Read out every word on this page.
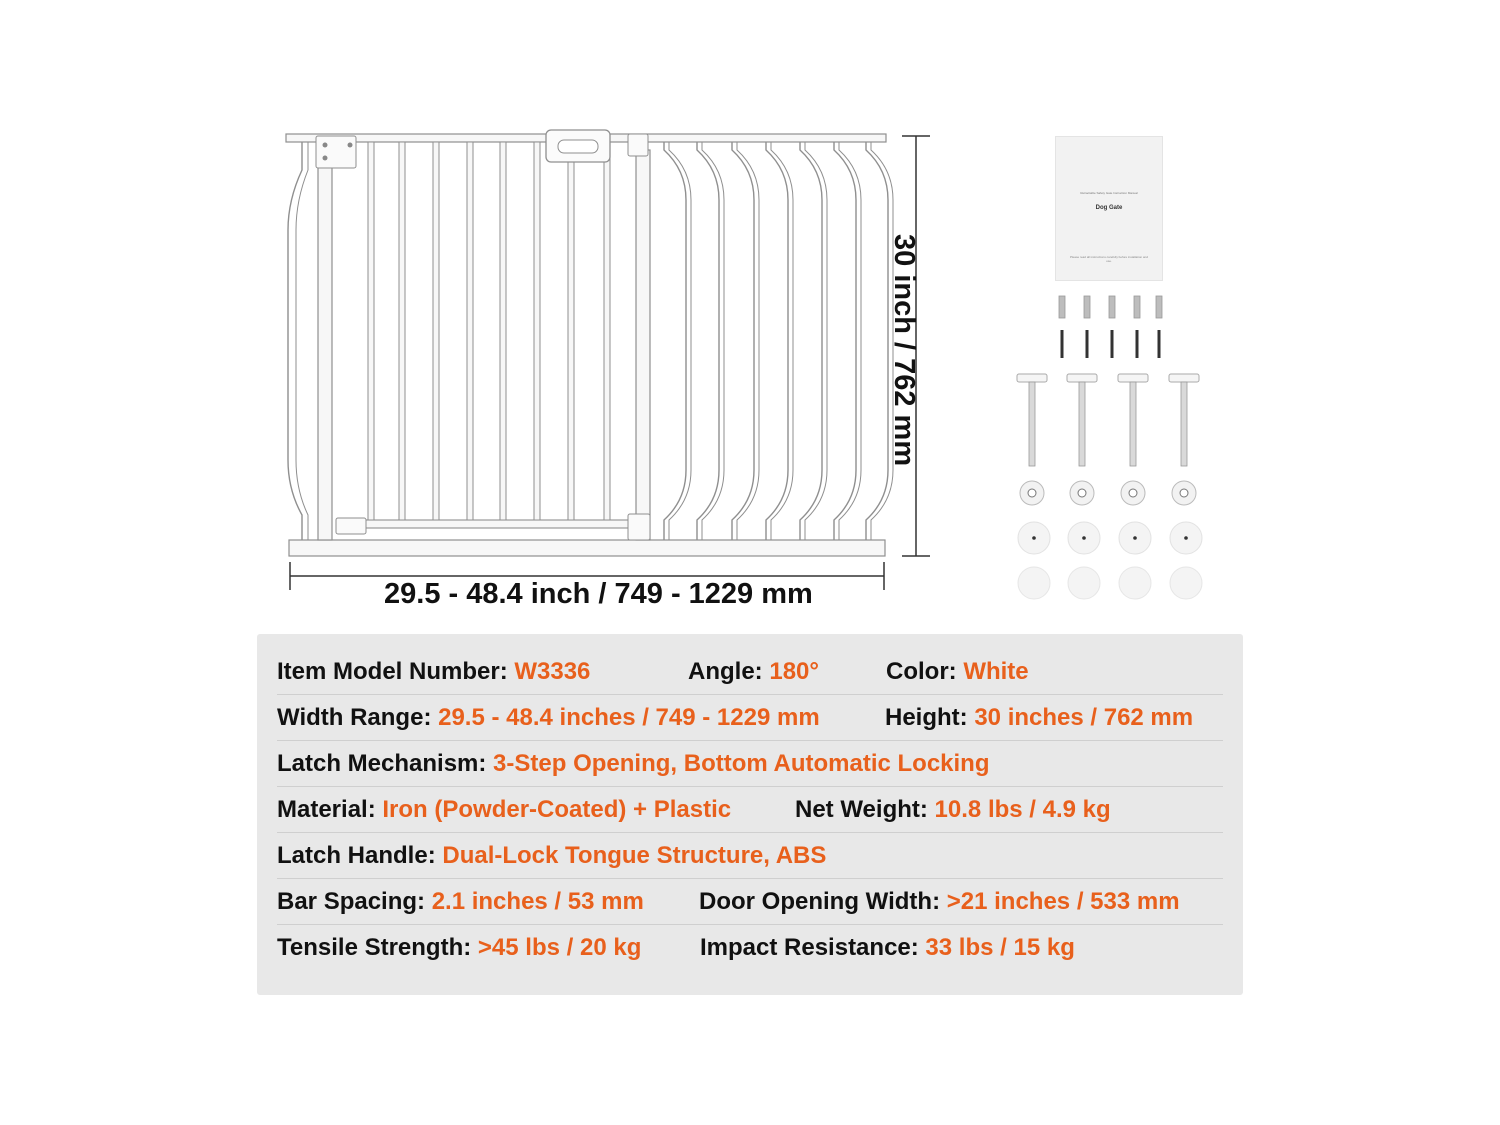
29.5 - 48.4 inch / 749 - 1229 mm
30 inch / 762 mm
Retractable Safety Gate Instruction Manual
Dog Gate
Please read all instructions carefully before installation and use.
Item Model Number: W3336	Angle: 180°	Color: White
Width Range: 29.5 - 48.4 inches / 749 - 1229 mm	Height: 30 inches / 762 mm
Latch Mechanism: 3-Step Opening, Bottom Automatic Locking
Material: Iron (Powder-Coated) + Plastic	Net Weight: 10.8 lbs / 4.9 kg
Latch Handle: Dual-Lock Tongue Structure, ABS
Bar Spacing: 2.1 inches / 53 mm Door Opening Width: >21 inches / 533 mm
Tensile Strength: >45 lbs / 20 kg Impact Resistance: 33 lbs / 15 kg
